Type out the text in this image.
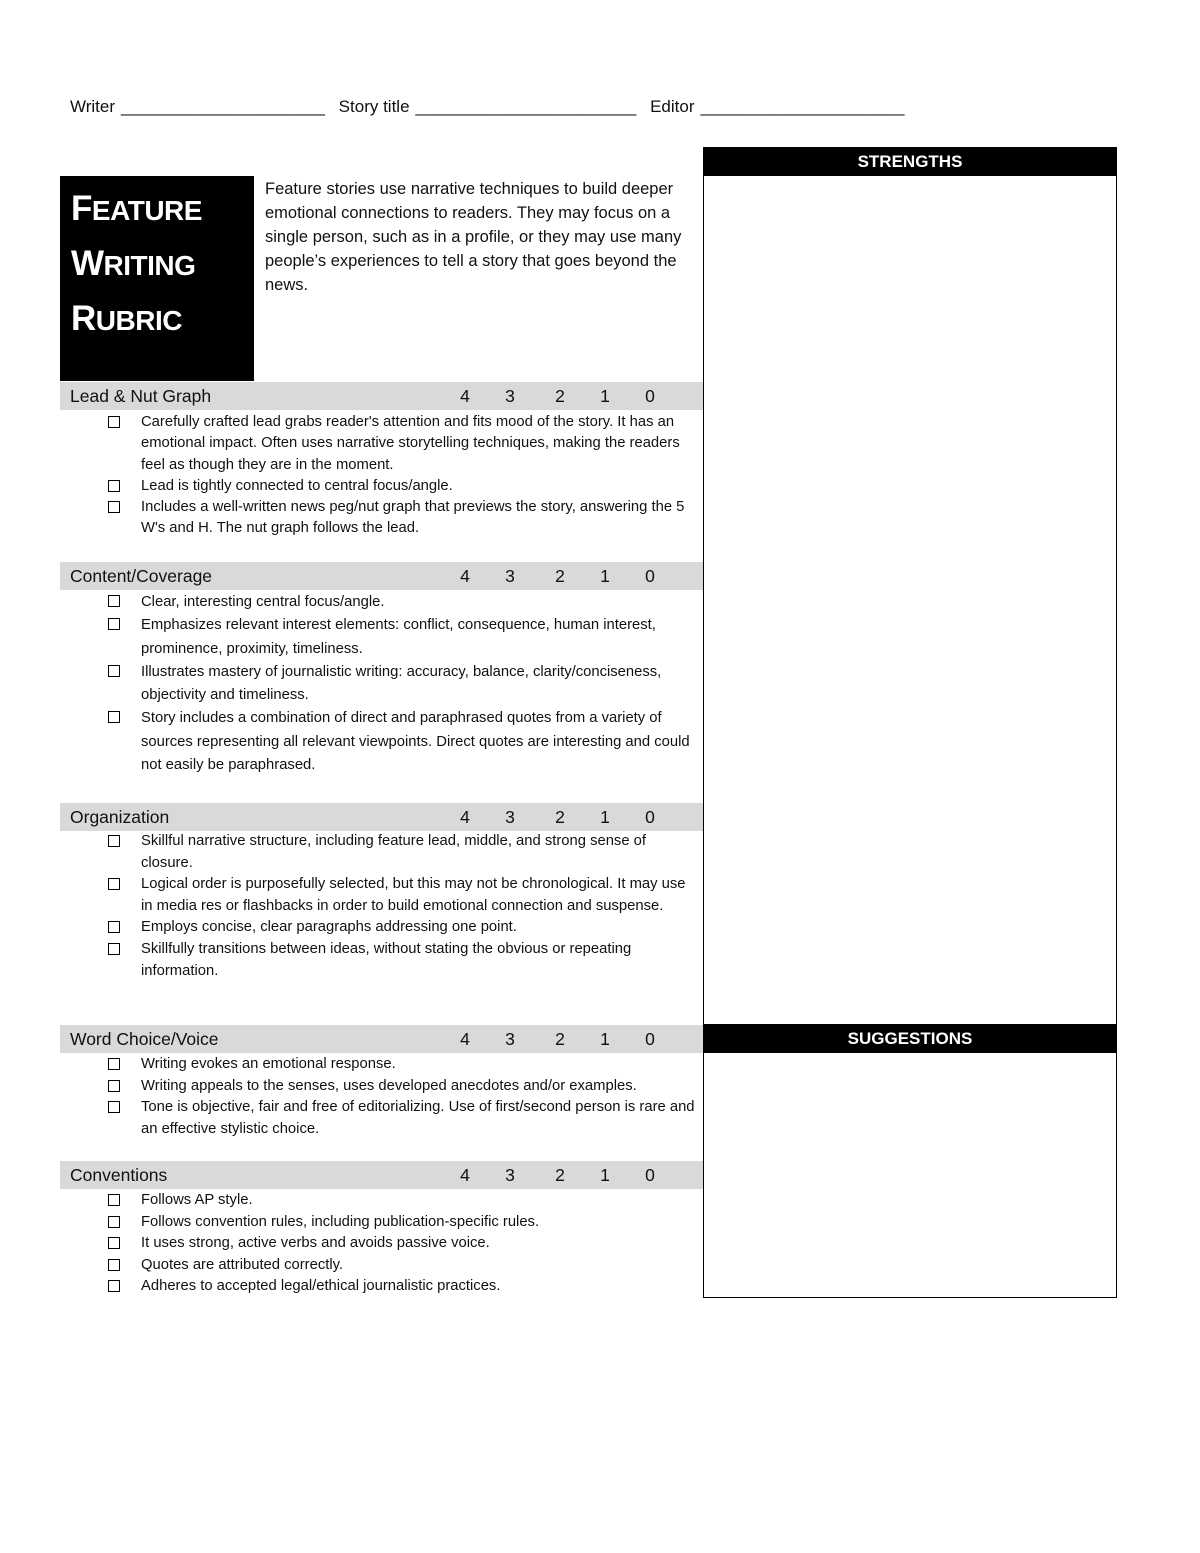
Writer ________________________ Story title __________________________ Editor ________________________
FEATURE
WRITING
RUBRIC
Feature stories use narrative techniques to build deeper emotional connections to readers. They may focus on a single person, such as in a profile, or they may use many people’s experiences to tell a story that goes beyond the news.
Lead & Nut Graph	4 3 2 1 0
Carefully crafted lead grabs reader's attention and fits mood of the story. It has an emotional impact. Often uses narrative storytelling techniques, making the readers feel as though they are in the moment.
Lead is tightly connected to central focus/angle.
Includes a well-written news peg/nut graph that previews the story, answering the 5 W's and H. The nut graph follows the lead.
Content/Coverage	4 3 2 1 0
Clear, interesting central focus/angle.
Emphasizes relevant interest elements: conflict, consequence, human interest, prominence, proximity, timeliness.
Illustrates mastery of journalistic writing: accuracy, balance, clarity/conciseness, objectivity and timeliness.
Story includes a combination of direct and paraphrased quotes from a variety of sources representing all relevant viewpoints. Direct quotes are interesting and could not easily be paraphrased.
Organization	4 3 2 1 0
Skillful narrative structure, including feature lead, middle, and strong sense of closure.
Logical order is purposefully selected, but this may not be chronological. It may use in media res or flashbacks in order to build emotional connection and suspense.
Employs concise, clear paragraphs addressing one point.
Skillfully transitions between ideas, without stating the obvious or repeating information.
Word Choice/Voice	4 3 2 1 0
Writing evokes an emotional response.
Writing appeals to the senses, uses developed anecdotes and/or examples.
Tone is objective, fair and free of editorializing. Use of first/second person is rare and an effective stylistic choice.
Conventions	4 3 2 1 0
Follows AP style.
Follows convention rules, including publication-specific rules.
It uses strong, active verbs and avoids passive voice.
Quotes are attributed correctly.
Adheres to accepted legal/ethical journalistic practices.
STRENGTHS
SUGGESTIONS
